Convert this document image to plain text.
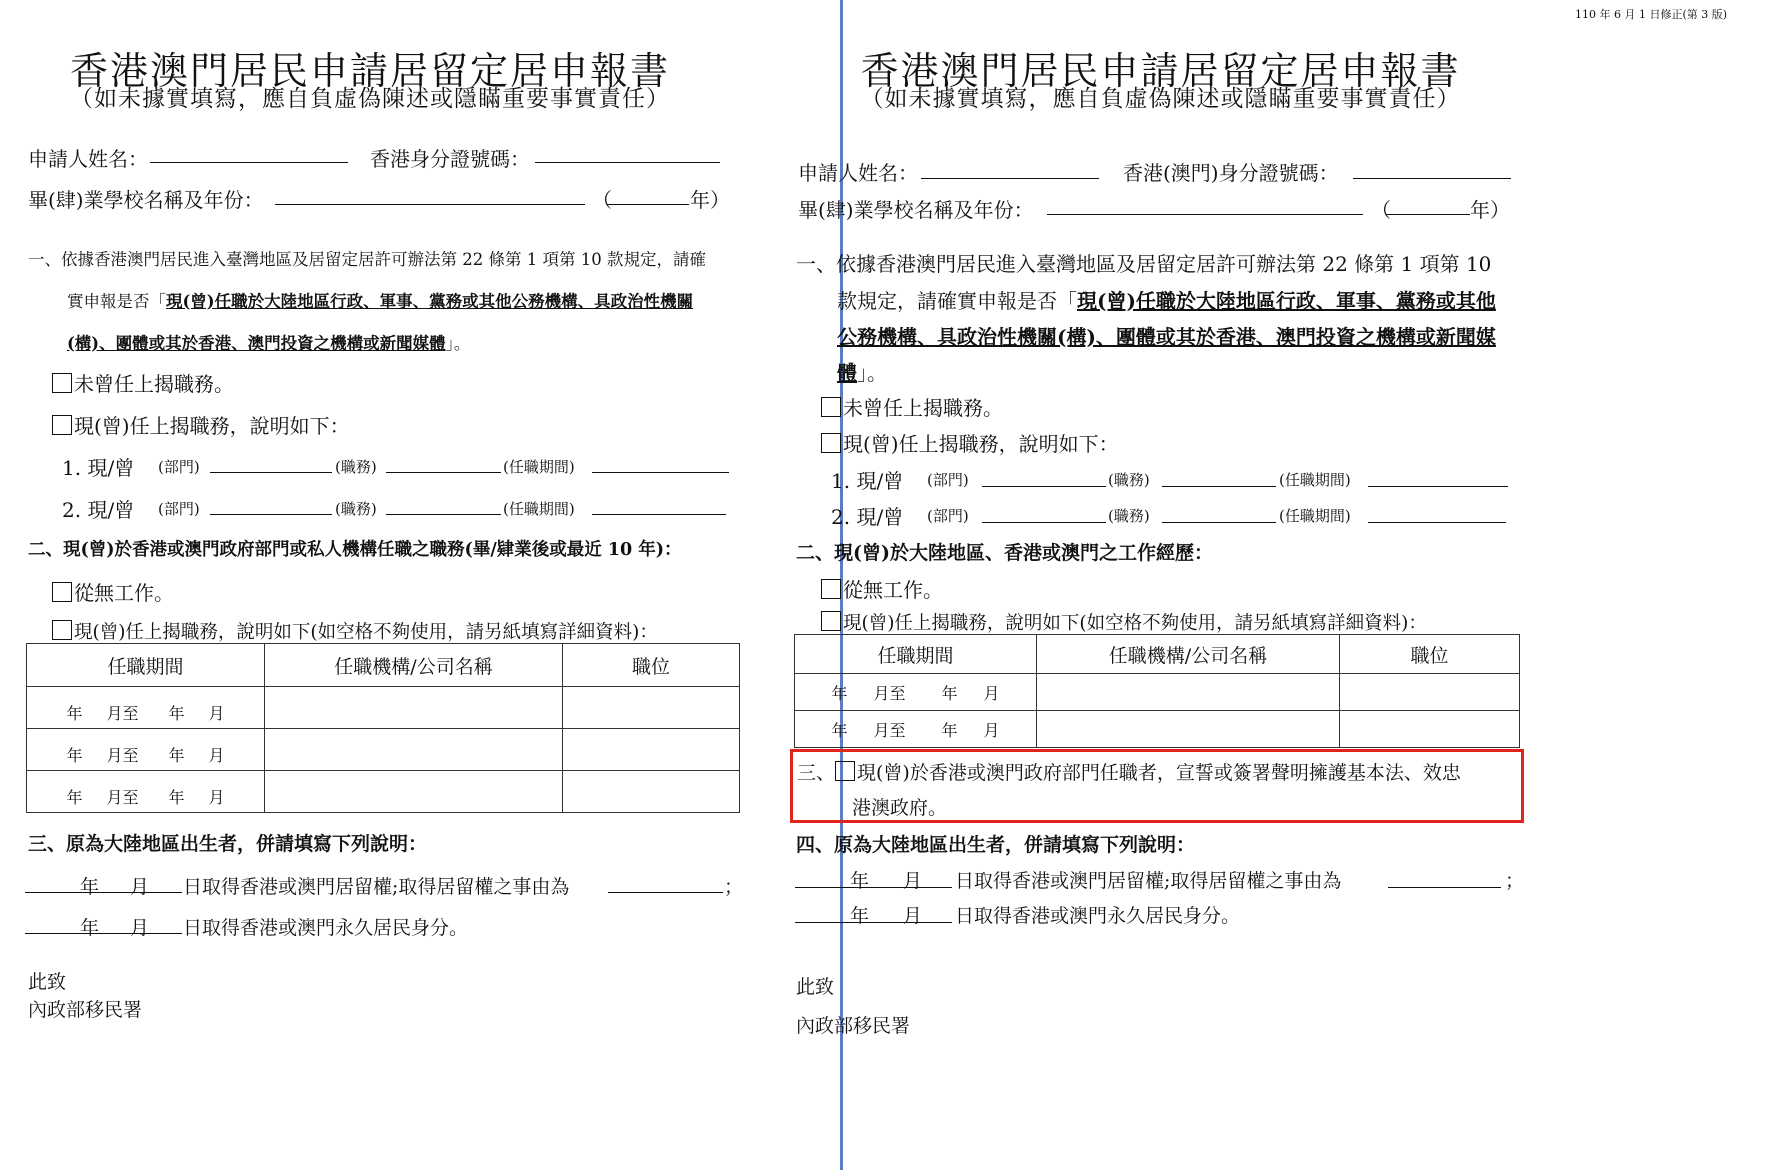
香港澳門居民申請居留定居申報書
（如未據實填寫，應自負虛偽陳述或隱瞞重要事實責任）
申請人姓名：	香港身分證號碼：
畢(肆)業學校名稱及年份：	（	年）
一、依據香港澳門居民進入臺灣地區及居留定居許可辦法第 22 條第 1 項第 10 款規定，請確
實申報是否「現(曾)任職於大陸地區行政、軍事、黨務或其他公務機構、具政治性機關
(構)、團體或其於香港、澳門投資之機構或新聞媒體」。
未曾任上揭職務。
現(曾)任上揭職務，說明如下：
1. 現/曾 (部門)	(職務)	(任職期間)
2. 現/曾 (部門)	(職務)	(任職期間)
二、現(曾)於香港或澳門政府部門或私人機構任職之職務(畢/肄業後或最近 10 年)：
從無工作。
現(曾)任上揭職務，說明如下(如空格不夠使用，請另紙填寫詳細資料)：
任職期間	任職機構/公司名稱	職位
年 月至 年 月		
年 月至 年 月		
年 月至 年 月		
三、原為大陸地區出生者，併請填寫下列說明：
年 月 日取得香港或澳門居留權;取得居留權之事由為	；
年 月 日取得香港或澳門永久居民身分。
此致
內政部移民署
110 年 6 月 1 日修正(第 3 版)
香港澳門居民申請居留定居申報書
（如未據實填寫，應自負虛偽陳述或隱瞞重要事實責任）
申請人姓名：	香港(澳門)身分證號碼：
畢(肆)業學校名稱及年份：	（	年）
一、依據香港澳門居民進入臺灣地區及居留定居許可辦法第 22 條第 1 項第 10
款規定，請確實申報是否「現(曾)任職於大陸地區行政、軍事、黨務或其他
公務機構、具政治性機關(構)、團體或其於香港、澳門投資之機構或新聞媒
體」。
未曾任上揭職務。
現(曾)任上揭職務，說明如下：
1. 現/曾 (部門)	(職務)	(任職期間)
2. 現/曾 (部門)	(職務)	(任職期間)
二、現(曾)於大陸地區、香港或澳門之工作經歷：
從無工作。
現(曾)任上揭職務，說明如下(如空格不夠使用，請另紙填寫詳細資料)：
任職期間	任職機構/公司名稱	職位
年 月至 年 月		
年 月至 年 月		
三、 現(曾)於香港或澳門政府部門任職者，宣誓或簽署聲明擁護基本法、效忠
港澳政府。
四、原為大陸地區出生者，併請填寫下列說明：
年 月 日取得香港或澳門居留權;取得居留權之事由為	；
年 月 日取得香港或澳門永久居民身分。
此致
內政部移民署
